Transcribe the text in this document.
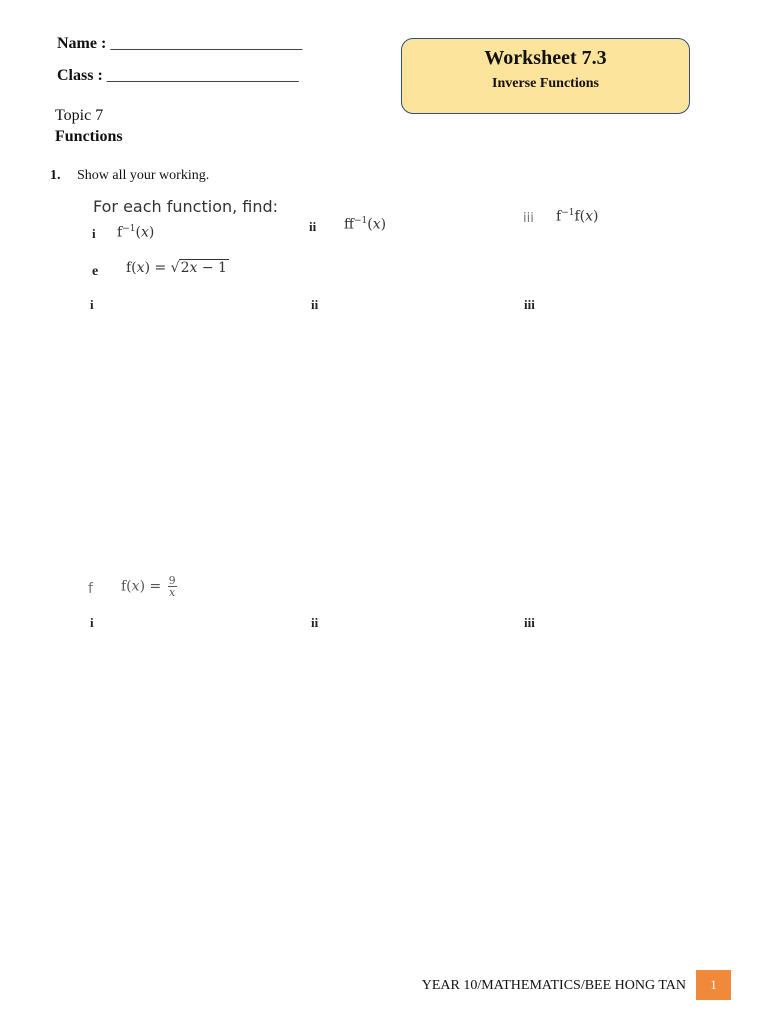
Name : ________________________
Class : ________________________
Worksheet 7.3
Inverse Functions
Topic 7
Functions
1. Show all your working.
For each function, find:
i $f^{-1}(x)$	ii $ff^{-1}(x)$	iii $f^{-1}f(x)$
e f(x) = √2x − 1
i	ii	iii
f $f(x) = \frac{9}{x}$
i	ii	iii
YEAR 10/MATHEMATICS/BEE HONG TAN	1
